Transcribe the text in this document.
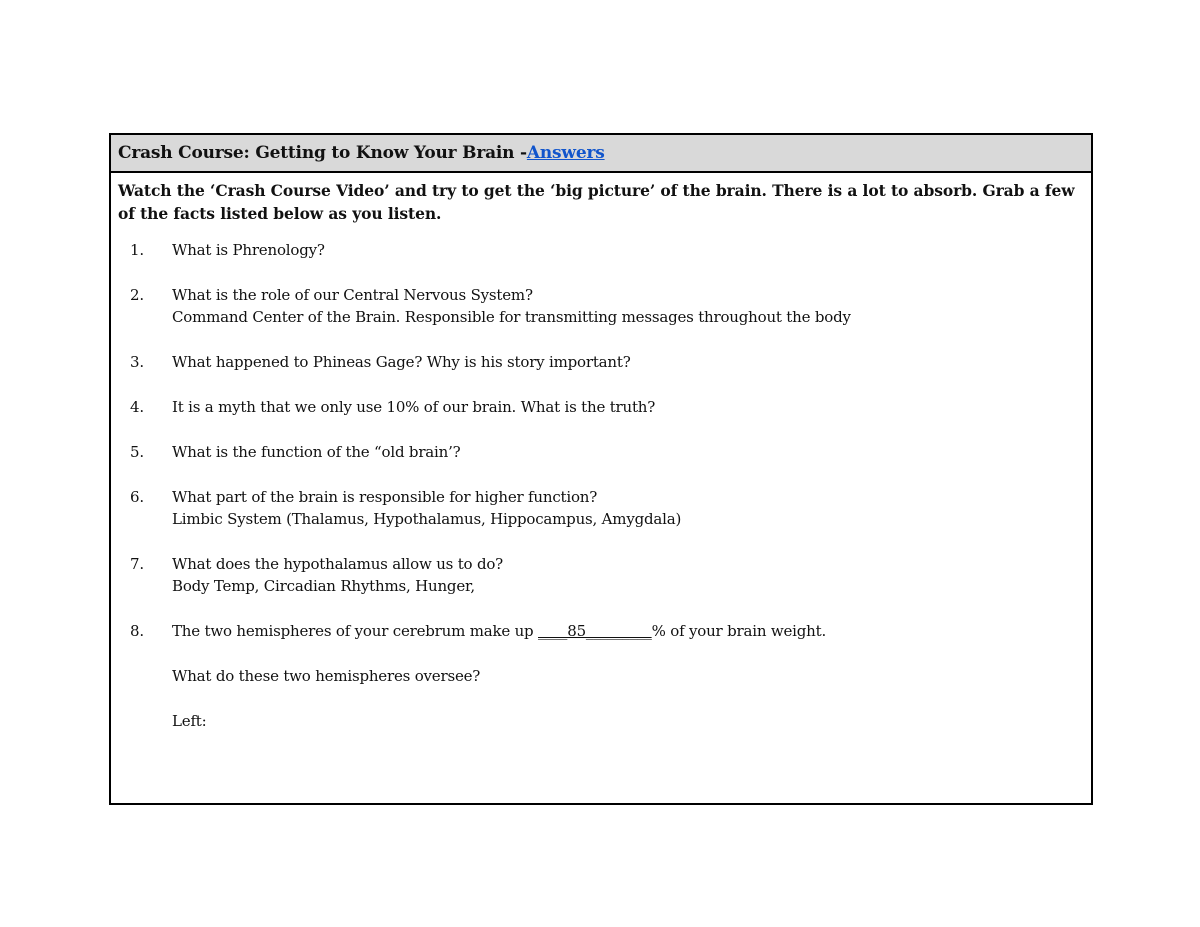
Crash Course: Getting to Know Your Brain - Answers
Watch the ‘Crash Course Video’ and try to get the ‘big picture’ of the brain. There is a lot to absorb. Grab a few of the facts listed below as you listen.
1.	What is Phrenology?
2.	What is the role of our Central Nervous System?
Command Center of the Brain. Responsible for transmitting messages throughout the body
3.	What happened to Phineas Gage? Why is his story important?
4.	It is a myth that we only use 10% of our brain. What is the truth?
5.	What is the function of the “old brain’?
6.	What part of the brain is responsible for higher function?
Limbic System (Thalamus, Hypothalamus, Hippocampus, Amygdala)
7.	What does the hypothalamus allow us to do?
Body Temp, Circadian Rhythms, Hunger,
8.	The two hemispheres of your cerebrum make up ____85_________% of your brain weight.
What do these two hemispheres oversee?
Left:
